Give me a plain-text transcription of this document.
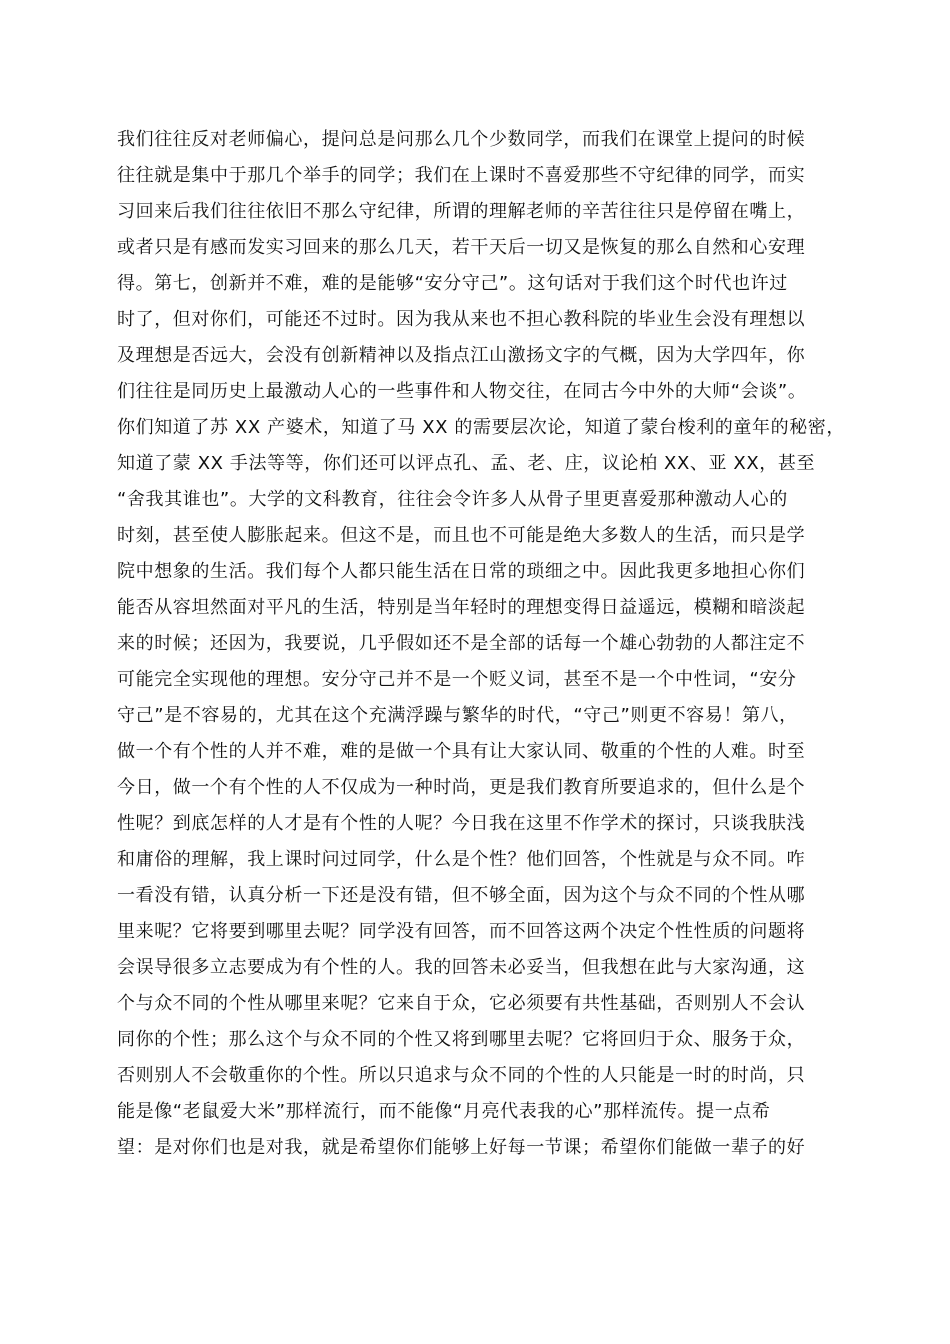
我们往往反对老师偏心，提问总是问那么几个少数同学，而我们在课堂上提问的时候
往往就是集中于那几个举手的同学；我们在上课时不喜爱那些不守纪律的同学，而实
习回来后我们往往依旧不那么守纪律，所谓的理解老师的辛苦往往只是停留在嘴上，
或者只是有感而发实习回来的那么几天，若干天后一切又是恢复的那么自然和心安理
得。第七，创新并不难，难的是能够“安分守己”。这句话对于我们这个时代也许过
时了，但对你们，可能还不过时。因为我从来也不担心教科院的毕业生会没有理想以
及理想是否远大，会没有创新精神以及指点江山激扬文字的气概，因为大学四年，你
们往往是同历史上最激动人心的一些事件和人物交往，在同古今中外的大师“会谈”。
你们知道了苏 XX 产婆术，知道了马 XX 的需要层次论，知道了蒙台梭利的童年的秘密，
知道了蒙 XX 手法等等，你们还可以评点孔、孟、老、庄，议论柏 XX、亚 XX，甚至
“舍我其谁也”。大学的文科教育，往往会令许多人从骨子里更喜爱那种激动人心的
时刻，甚至使人膨胀起来。但这不是，而且也不可能是绝大多数人的生活，而只是学
院中想象的生活。我们每个人都只能生活在日常的琐细之中。因此我更多地担心你们
能否从容坦然面对平凡的生活，特别是当年轻时的理想变得日益遥远，模糊和暗淡起
来的时候；还因为，我要说，几乎假如还不是全部的话每一个雄心勃勃的人都注定不
可能完全实现他的理想。安分守己并不是一个贬义词，甚至不是一个中性词，“安分
守己”是不容易的，尤其在这个充满浮躁与繁华的时代，“守己”则更不容易！第八，
做一个有个性的人并不难，难的是做一个具有让大家认同、敬重的个性的人难。时至
今日，做一个有个性的人不仅成为一种时尚，更是我们教育所要追求的，但什么是个
性呢？到底怎样的人才是有个性的人呢？今日我在这里不作学术的探讨，只谈我肤浅
和庸俗的理解，我上课时问过同学，什么是个性？他们回答，个性就是与众不同。咋
一看没有错，认真分析一下还是没有错，但不够全面，因为这个与众不同的个性从哪
里来呢？它将要到哪里去呢？同学没有回答，而不回答这两个决定个性性质的问题将
会误导很多立志要成为有个性的人。我的回答未必妥当，但我想在此与大家沟通，这
个与众不同的个性从哪里来呢？它来自于众，它必须要有共性基础，否则别人不会认
同你的个性；那么这个与众不同的个性又将到哪里去呢？它将回归于众、服务于众，
否则别人不会敬重你的个性。所以只追求与众不同的个性的人只能是一时的时尚，只
能是像“老鼠爱大米”那样流行，而不能像“月亮代表我的心”那样流传。提一点希
望：是对你们也是对我，就是希望你们能够上好每一节课；希望你们能做一辈子的好
